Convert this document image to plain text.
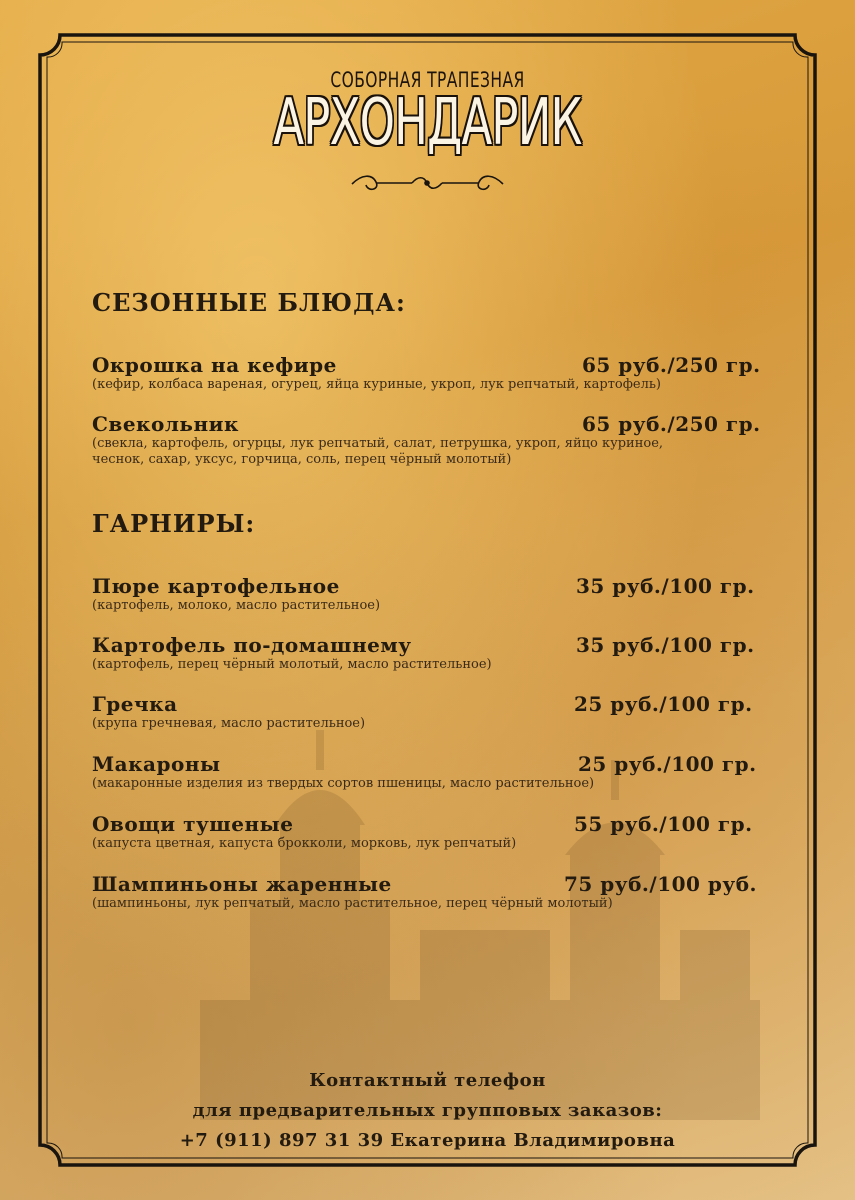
СОБОРНАЯ ТРАПЕЗНАЯ
АРХОНДАРИК
СЕЗОННЫЕ БЛЮДА:
Окрошка на кефире	65 руб./250 гр.
(кефир, колбаса вареная, огурец, яйца куриные, укроп, лук репчатый, картофель)
Свекольник	65 руб./250 гр.
(свекла, картофель, огурцы, лук репчатый, салат, петрушка, укроп, яйцо куриное,
чеснок, сахар, уксус, горчица, соль, перец чёрный молотый)
ГАРНИРЫ:
Пюре картофельное	35 руб./100 гр.
(картофель, молоко, масло растительное)
Картофель по-домашнему	35 руб./100 гр.
(картофель, перец чёрный молотый, масло растительное)
Гречка	25 руб./100 гр.
(крупа гречневая, масло растительное)
Макароны	25 руб./100 гр.
(макаронные изделия из твердых сортов пшеницы, масло растительное)
Овощи тушеные	55 руб./100 гр.
(капуста цветная, капуста брокколи, морковь, лук репчатый)
Шампиньоны жаренные	75 руб./100 руб.
(шампиньоны, лук репчатый, масло растительное, перец чёрный молотый)
Контактный телефон
для предварительных групповых заказов:
+7 (911) 897 31 39 Екатерина Владимировна
